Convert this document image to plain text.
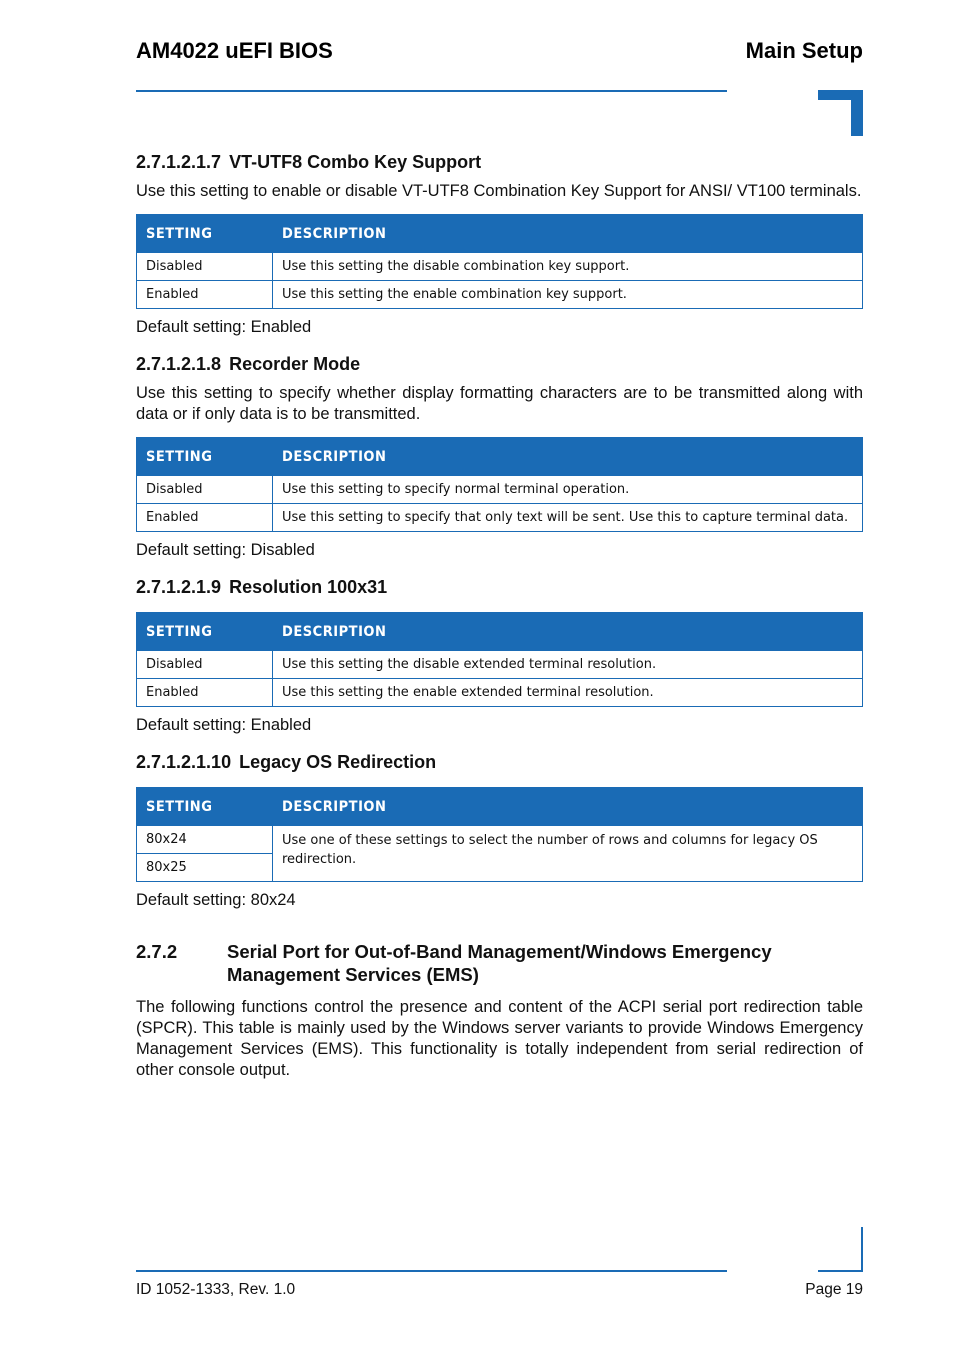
AM4022 uEFI BIOS	Main Setup
2.7.1.2.1.7 VT-UTF8 Combo Key Support

Use this setting to enable or disable VT-UTF8 Combination Key Support for ANSI/ VT100 terminals.

SETTING	DESCRIPTION
Disabled	Use this setting the disable combination key support.
Enabled	Use this setting the enable combination key support.
Default setting: Enabled
2.7.1.2.1.8 Recorder Mode

Use this setting to specify whether display formatting characters are to be transmitted along with data or if only data is to be transmitted.

SETTING	DESCRIPTION
Disabled	Use this setting to specify normal terminal operation.
Enabled	Use this setting to specify that only text will be sent. Use this to capture terminal data.
Default setting: Disabled
2.7.1.2.1.9 Resolution 100x31
SETTING	DESCRIPTION
Disabled	Use this setting the disable extended terminal resolution.
Enabled	Use this setting the enable extended terminal resolution.
Default setting: Enabled
2.7.1.2.1.10 Legacy OS Redirection
SETTING	DESCRIPTION
80x24	Use one of these settings to select the number of rows and columns for legacy OS redirection.
80x25	
Default setting: 80x24
2.7.2	Serial Port for Out-of-Band Management/Windows Emergency Management Services (EMS)

The following functions control the presence and content of the ACPI serial port redirection table (SPCR). This table is mainly used by the Windows server variants to provide Windows Emergency Management Services (EMS). This functionality is totally independent from serial redirection of other console output.

ID 1052-1333, Rev. 1.0	Page 19
